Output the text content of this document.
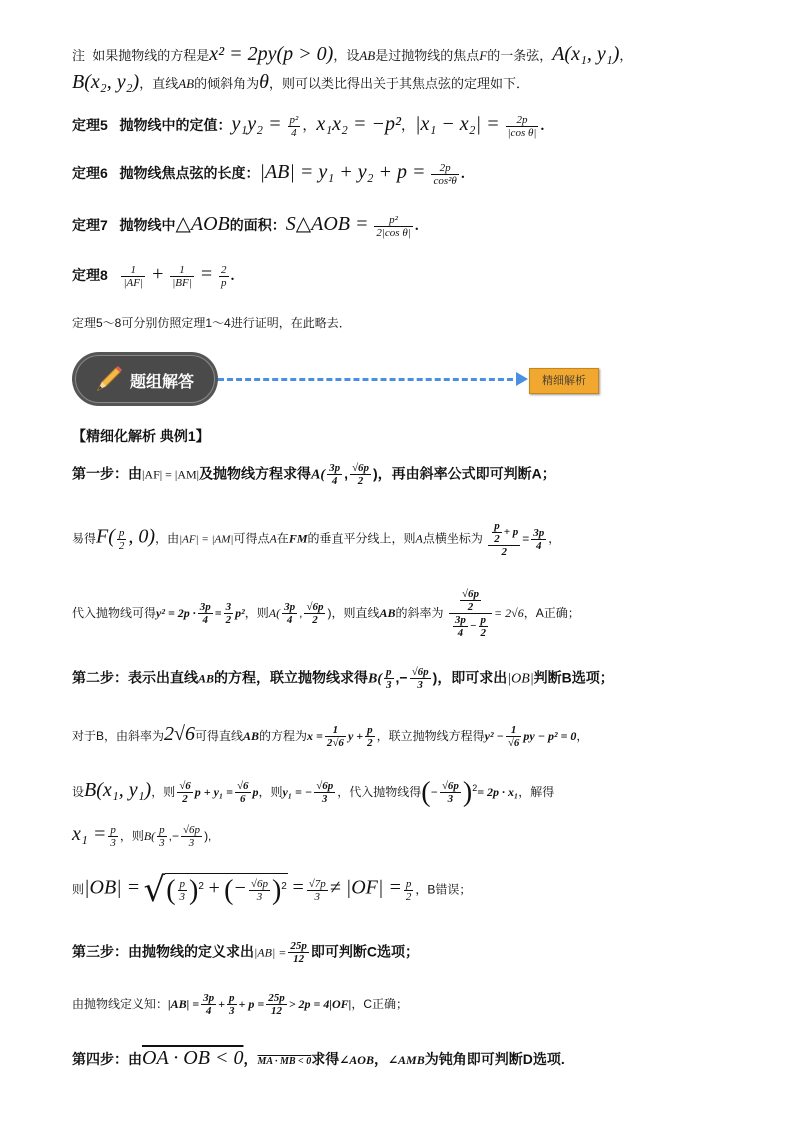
注 如果抛物线的方程是x² = 2py(p > 0)，设AB是过抛物线的焦点F的一条弦，A(x₁, y₁)，
B(x₂, y₂)，直线AB的倾斜角为θ，则可以类比得出关于其焦点弦的定理如下．
定理5 抛物线中的定值：$y_1y_2 = \frac{\text{p²}}{4}$ ，x₁x₂ = −p²，$|x_1 - x_2| = \frac{2p}{\text{|cos θ|}}$ .
定理6 抛物线焦点弦的长度：$|AB| = y_1 + y_2 + p = \frac{2p}{\text{cos²θ}}$ .
定理7 抛物线中△AOB的面积：S△AOB = $\frac{\text{p²}}{\text{2|cos θ|}}$ .
定理$8 \frac{1}{|AF|} + \frac{1}{|BF|} = \frac{2}{p}$ .
定理5～8可分别仿照定理1～4进行证明，在此略去．
题组解答	精细解析
【精细化解析 典例1】
第一步：由|AF| = |AM|及抛物线方程求得$A( \frac{3p}{4}$ , $\frac{√6p}{2}$ )，再由斜率公式即可判断A；
易得$F( \frac{p}{2}$ , 0)，由|AF| = |AM|可得点A在FM的垂直平分线上，则A点横坐标为 $\frac{\frac{p}{2} + p}{2} = \frac{3p}{4}$ ，
代入抛物线可得$y^2 = 2p \cdot \frac{3p}{4} = \frac{3}{2} p^2$，则$A( \frac{3p}{4}$ , $\frac{√6p}{2}$ )，则直线AB的斜率为 $\frac{\frac{√6p}{2}}{\frac{3p}{4} - \frac{p}{2}} = 2√6$，A正确；
第二步：表示出直线AB的方程，联立抛物线求得$B( \frac{p}{3}$ ,− $\frac{√6p}{3}$ )，即可求出|OB|判断B选项；
对于B，由斜率为2√6可得直线AB的方程为$x = \frac{1}{2√6}$ $y + \frac{p}{2}$ ，联立抛物线方程得$y^2 - \frac{1}{√6}$ py − p² = 0，
设B(x₁, y₁)，则 $\frac{√6}{2}$ $p + y_1 = \frac{√6}{6}$ p，则y₁ = − $\frac{√6p}{3}$ ，代入抛物线得(− $\frac{√6p}{3} )^2= 2p \cdot x_1$，解得
$x_1 = \frac{p}{3}$ ，则$B( \frac{p}{3}$ ,− $\frac{√6p}{3}$ ),
则|OB| = √( $\frac{p}{3} )^2$ + (− $\frac{√6p}{3} )^2 = \frac{√7p}{3} \ne |OF| = \frac{p}{2}$ ，B错误；
第三步：由抛物线的定义求出$|AB| = \frac{25p}{12}$ 即可判断C选项；
由抛物线定义知：$|AB| = \frac{3p}{4} + \frac{p}{3} + p = \frac{25p}{12} > 2p = 4|OF|$，C正确；
第四步：由OA · OB < 0，MA · MB < 0求得∠AOB，∠AMB为钝角即可判断D选项.
